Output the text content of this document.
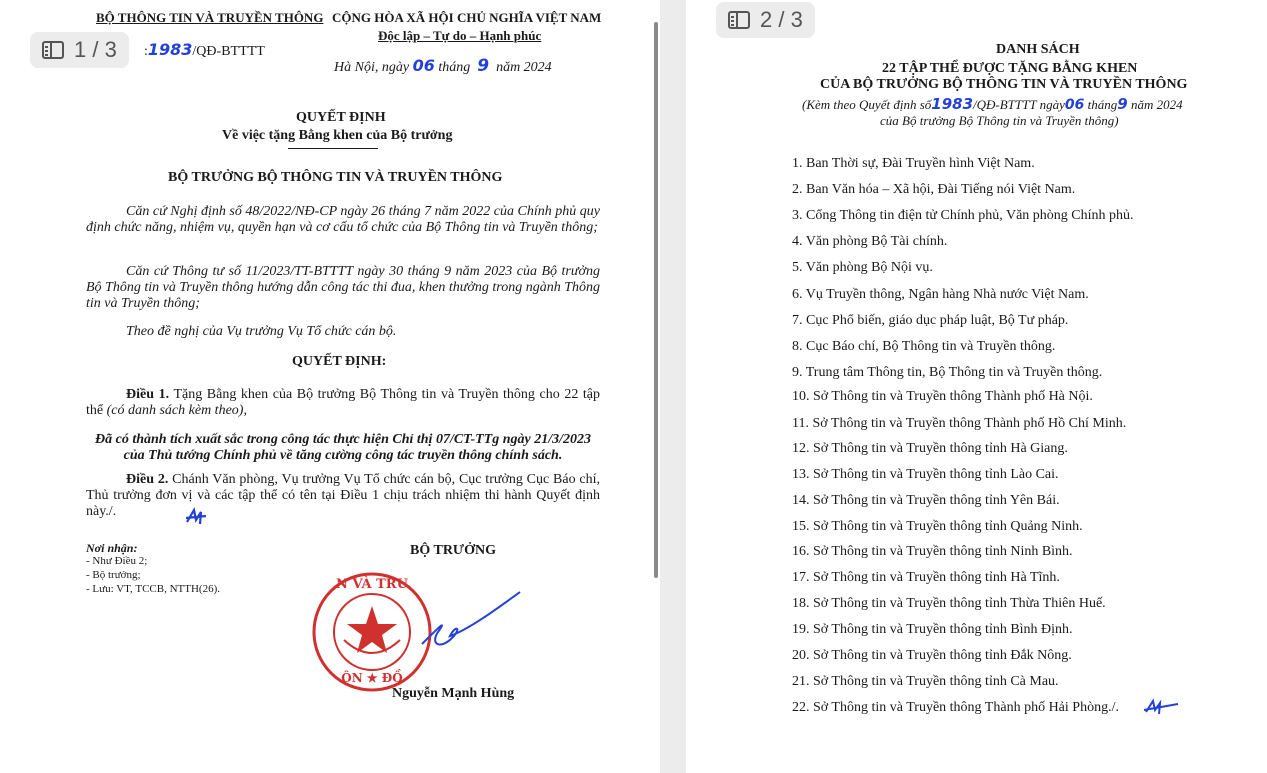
BỘ THÔNG TIN VÀ TRUYỀN THÔNG CỘNG HÒA XÃ HỘI CHỦ NGHĨA VIỆT NAM
Độc lập – Tự do – Hạnh phúc
:1983/QĐ-BTTTT
Hà Nội, ngày 06 tháng 9 năm 2024
QUYẾT ĐỊNH
Về việc tặng Bằng khen của Bộ trưởng
BỘ TRƯỞNG BỘ THÔNG TIN VÀ TRUYỀN THÔNG
Căn cứ Nghị định số 48/2022/NĐ-CP ngày 26 tháng 7 năm 2022 của Chính phủ quy định chức năng, nhiệm vụ, quyền hạn và cơ cấu tổ chức của Bộ Thông tin và Truyền thông;
Căn cứ Thông tư số 11/2023/TT-BTTTT ngày 30 tháng 9 năm 2023 của Bộ trưởng Bộ Thông tin và Truyền thông hướng dẫn công tác thi đua, khen thưởng trong ngành Thông tin và Truyền thông;
Theo đề nghị của Vụ trưởng Vụ Tổ chức cán bộ.
QUYẾT ĐỊNH:
Điều 1. Tặng Bằng khen của Bộ trưởng Bộ Thông tin và Truyền thông cho 22 tập thể (có danh sách kèm theo),
Đã có thành tích xuất sắc trong công tác thực hiện Chỉ thị 07/CT-TTg ngày 21/3/2023 của Thủ tướng Chính phủ về tăng cường công tác truyền thông chính sách.
Điều 2. Chánh Văn phòng, Vụ trưởng Vụ Tổ chức cán bộ, Cục trưởng Cục Báo chí, Thủ trưởng đơn vị và các tập thể có tên tại Điều 1 chịu trách nhiệm thi hành Quyết định này./.
Nơi nhận:
- Như Điều 2;
- Bộ trưởng;
- Lưu: VT, TCCB, NTTH(26).
BỘ TRƯỞNG
N VÀ TRU
ÔN ★ ĐỒ
Nguyễn Mạnh Hùng
DANH SÁCH
22 TẬP THỂ ĐƯỢC TẶNG BẰNG KHEN
CỦA BỘ TRƯỞNG BỘ THÔNG TIN VÀ TRUYỀN THÔNG
(Kèm theo Quyết định số1983/QĐ-BTTTT ngày06 tháng9 năm 2024
của Bộ trưởng Bộ Thông tin và Truyền thông)
1. Ban Thời sự, Đài Truyền hình Việt Nam.
2. Ban Văn hóa – Xã hội, Đài Tiếng nói Việt Nam.
3. Cổng Thông tin điện tử Chính phủ, Văn phòng Chính phủ.
4. Văn phòng Bộ Tài chính.
5. Văn phòng Bộ Nội vụ.
6. Vụ Truyền thông, Ngân hàng Nhà nước Việt Nam.
7. Cục Phổ biến, giáo dục pháp luật, Bộ Tư pháp.
8. Cục Báo chí, Bộ Thông tin và Truyền thông.
9. Trung tâm Thông tin, Bộ Thông tin và Truyền thông.
10. Sở Thông tin và Truyền thông Thành phố Hà Nội.
11. Sở Thông tin và Truyền thông Thành phố Hồ Chí Minh.
12. Sở Thông tin và Truyền thông tỉnh Hà Giang.
13. Sở Thông tin và Truyền thông tỉnh Lào Cai.
14. Sở Thông tin và Truyền thông tỉnh Yên Bái.
15. Sở Thông tin và Truyền thông tỉnh Quảng Ninh.
16. Sở Thông tin và Truyền thông tỉnh Ninh Bình.
17. Sở Thông tin và Truyền thông tỉnh Hà Tĩnh.
18. Sở Thông tin và Truyền thông tỉnh Thừa Thiên Huế.
19. Sở Thông tin và Truyền thông tỉnh Bình Định.
20. Sở Thông tin và Truyền thông tỉnh Đắk Nông.
21. Sở Thông tin và Truyền thông tỉnh Cà Mau.
22. Sở Thông tin và Truyền thông Thành phố Hải Phòng./.
1 / 3
2 / 3
